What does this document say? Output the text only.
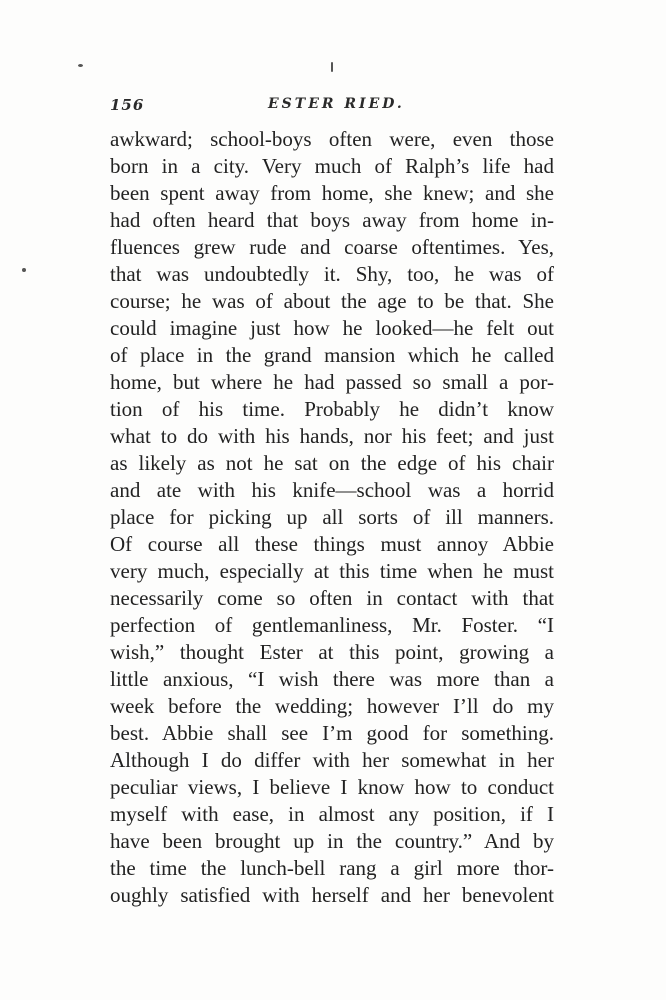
156	ESTER RIED.
awkward; school-boys often were, even those
born in a city. Very much of Ralph’s life had
been spent away from home, she knew; and she
had often heard that boys away from home in-
fluences grew rude and coarse oftentimes. Yes,
that was undoubtedly it. Shy, too, he was of
course; he was of about the age to be that. She
could imagine just how he looked—he felt out
of place in the grand mansion which he called
home, but where he had passed so small a por-
tion of his time. Probably he didn’t know
what to do with his hands, nor his feet; and just
as likely as not he sat on the edge of his chair
and ate with his knife—school was a horrid
place for picking up all sorts of ill manners.
Of course all these things must annoy Abbie
very much, especially at this time when he must
necessarily come so often in contact with that
perfection of gentlemanliness, Mr. Foster. “I
wish,” thought Ester at this point, growing a
little anxious, “I wish there was more than a
week before the wedding; however I’ll do my
best. Abbie shall see I’m good for something.
Although I do differ with her somewhat in her
peculiar views, I believe I know how to conduct
myself with ease, in almost any position, if I
have been brought up in the country.” And by
the time the lunch-bell rang a girl more thor-
oughly satisfied with herself and her benevolent
